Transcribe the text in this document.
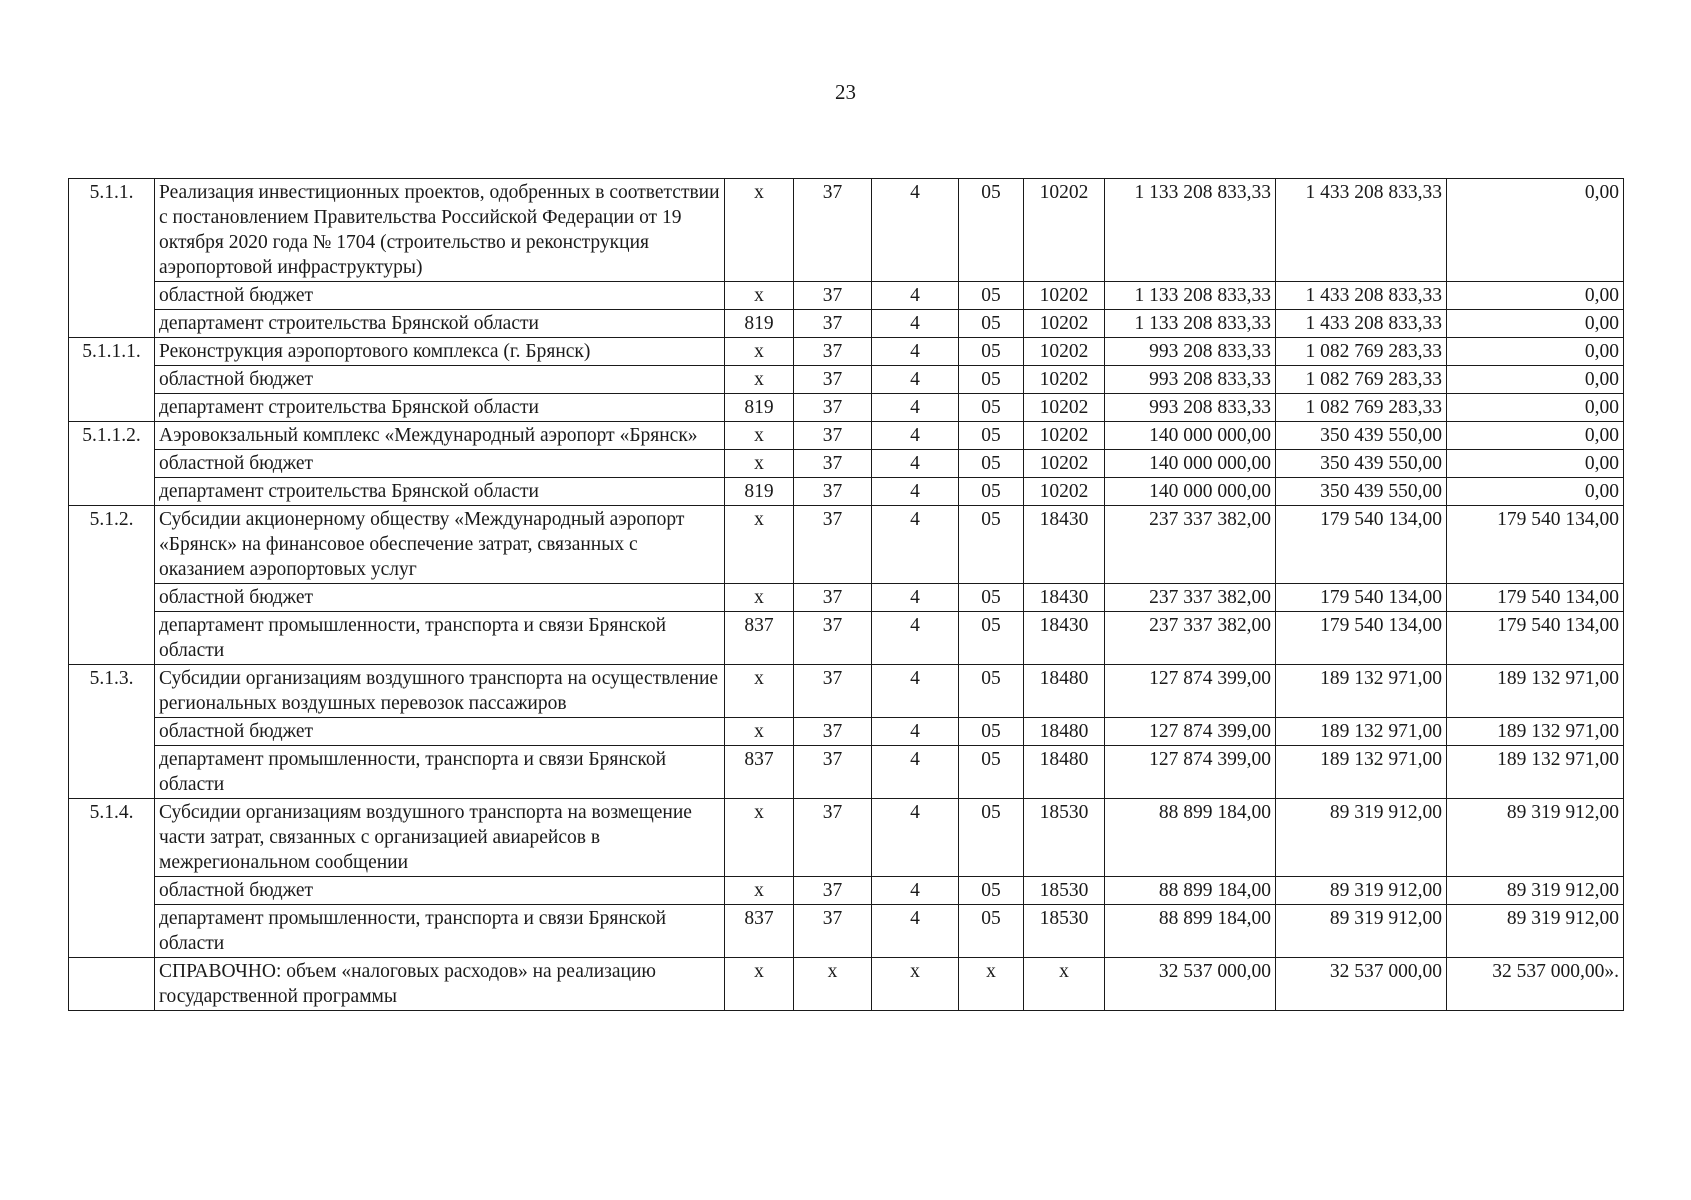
23
5.1.1.	Реализация инвестиционных проектов, одобренных в соответствии с постановлением Правительства Российской Федерации от 19 октября 2020 года № 1704 (строительство и реконструкция аэропортовой инфраструктуры)	х	37	4	05	10202	1 133 208 833,33	1 433 208 833,33	0,00
	областной бюджет	х	37	4	05	10202	1 133 208 833,33	1 433 208 833,33	0,00
	департамент строительства Брянской области	819	37	4	05	10202	1 133 208 833,33	1 433 208 833,33	0,00
5.1.1.1.	Реконструкция аэропортового комплекса (г. Брянск)	х	37	4	05	10202	993 208 833,33	1 082 769 283,33	0,00
	областной бюджет	х	37	4	05	10202	993 208 833,33	1 082 769 283,33	0,00
	департамент строительства Брянской области	819	37	4	05	10202	993 208 833,33	1 082 769 283,33	0,00
5.1.1.2.	Аэровокзальный комплекс «Международный аэропорт «Брянск»	х	37	4	05	10202	140 000 000,00	350 439 550,00	0,00
	областной бюджет	х	37	4	05	10202	140 000 000,00	350 439 550,00	0,00
	департамент строительства Брянской области	819	37	4	05	10202	140 000 000,00	350 439 550,00	0,00
5.1.2.	Субсидии акционерному обществу «Международный аэропорт «Брянск» на финансовое обеспечение затрат, связанных с оказанием аэропортовых услуг	х	37	4	05	18430	237 337 382,00	179 540 134,00	179 540 134,00
	областной бюджет	х	37	4	05	18430	237 337 382,00	179 540 134,00	179 540 134,00
	департамент промышленности, транспорта и связи Брянской области	837	37	4	05	18430	237 337 382,00	179 540 134,00	179 540 134,00
5.1.3.	Субсидии организациям воздушного транспорта на осуществление региональных воздушных перевозок пассажиров	х	37	4	05	18480	127 874 399,00	189 132 971,00	189 132 971,00
	областной бюджет	х	37	4	05	18480	127 874 399,00	189 132 971,00	189 132 971,00
	департамент промышленности, транспорта и связи Брянской области	837	37	4	05	18480	127 874 399,00	189 132 971,00	189 132 971,00
5.1.4.	Субсидии организациям воздушного транспорта на возмещение части затрат, связанных с организацией авиарейсов в межрегиональном сообщении	х	37	4	05	18530	88 899 184,00	89 319 912,00	89 319 912,00
	областной бюджет	х	37	4	05	18530	88 899 184,00	89 319 912,00	89 319 912,00
	департамент промышленности, транспорта и связи Брянской области	837	37	4	05	18530	88 899 184,00	89 319 912,00	89 319 912,00
	СПРАВОЧНО: объем «налоговых расходов» на реализацию государственной программы	х	х	х	х	х	32 537 000,00	32 537 000,00	32 537 000,00».
